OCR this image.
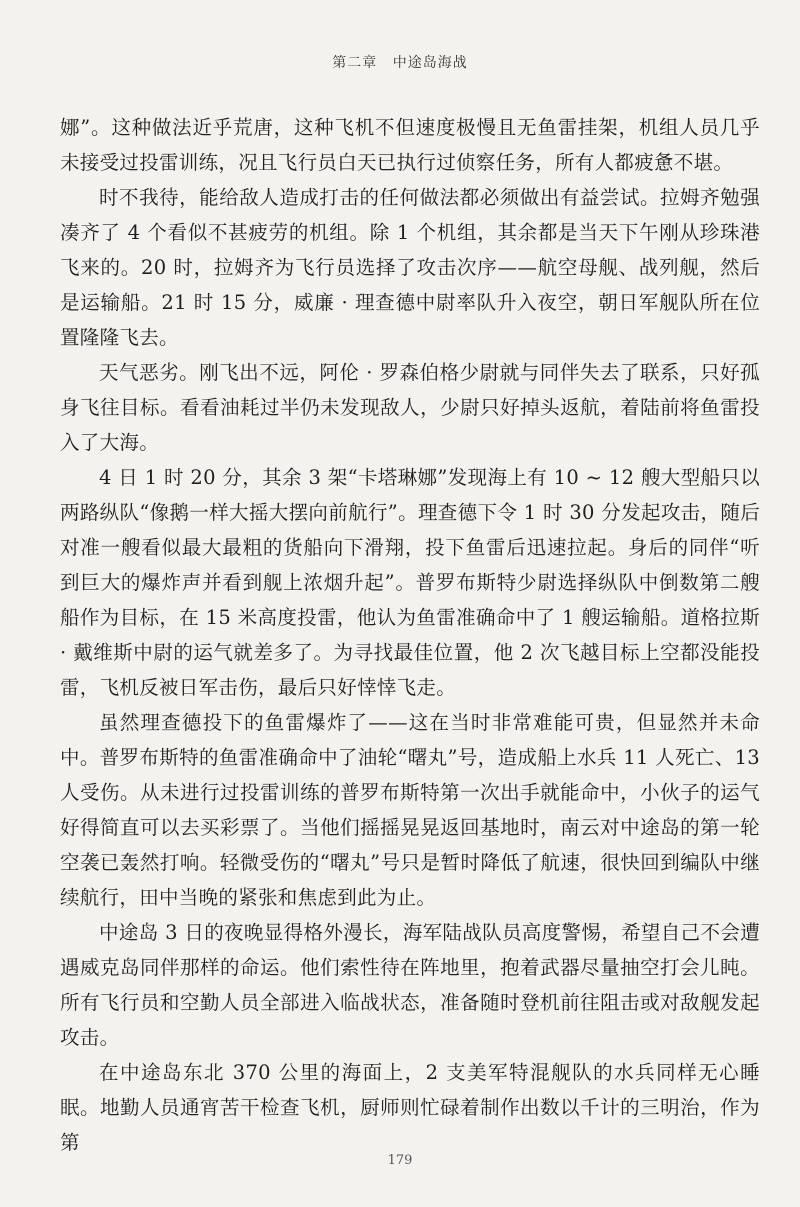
第二章 中途岛海战

娜”。这种做法近乎荒唐，这种飞机不但速度极慢且无鱼雷挂架，机组人员几乎未接受过投雷训练，况且飞行员白天已执行过侦察任务，所有人都疲惫不堪。

时不我待，能给敌人造成打击的任何做法都必须做出有益尝试。拉姆齐勉强凑齐了 4 个看似不甚疲劳的机组。除 1 个机组，其余都是当天下午刚从珍珠港飞来的。20 时，拉姆齐为飞行员选择了攻击次序——航空母舰、战列舰，然后是运输船。21 时 15 分，威廉 · 理查德中尉率队升入夜空，朝日军舰队所在位置隆隆飞去。

天气恶劣。刚飞出不远，阿伦 · 罗森伯格少尉就与同伴失去了联系，只好孤身飞往目标。看看油耗过半仍未发现敌人，少尉只好掉头返航，着陆前将鱼雷投入了大海。

4 日 1 时 20 分，其余 3 架“卡塔琳娜”发现海上有 10 ~ 12 艘大型船只以两路纵队“像鹅一样大摇大摆向前航行”。理查德下令 1 时 30 分发起攻击，随后对准一艘看似最大最粗的货船向下滑翔，投下鱼雷后迅速拉起。身后的同伴“听到巨大的爆炸声并看到舰上浓烟升起”。普罗布斯特少尉选择纵队中倒数第二艘船作为目标，在 15 米高度投雷，他认为鱼雷准确命中了 1 艘运输船。道格拉斯 · 戴维斯中尉的运气就差多了。为寻找最佳位置，他 2 次飞越目标上空都没能投雷，飞机反被日军击伤，最后只好悻悻飞走。

虽然理查德投下的鱼雷爆炸了——这在当时非常难能可贵，但显然并未命中。普罗布斯特的鱼雷准确命中了油轮“曙丸”号，造成船上水兵 11 人死亡、13 人受伤。从未进行过投雷训练的普罗布斯特第一次出手就能命中，小伙子的运气好得简直可以去买彩票了。当他们摇摇晃晃返回基地时，南云对中途岛的第一轮空袭已轰然打响。轻微受伤的“曙丸”号只是暂时降低了航速，很快回到编队中继续航行，田中当晚的紧张和焦虑到此为止。

中途岛 3 日的夜晚显得格外漫长，海军陆战队员高度警惕，希望自己不会遭遇威克岛同伴那样的命运。他们索性待在阵地里，抱着武器尽量抽空打会儿盹。所有飞行员和空勤人员全部进入临战状态，准备随时登机前往阻击或对敌舰发起攻击。

在中途岛东北 370 公里的海面上，2 支美军特混舰队的水兵同样无心睡眠。地勤人员通宵苦干检查飞机，厨师则忙碌着制作出数以千计的三明治，作为第

179
